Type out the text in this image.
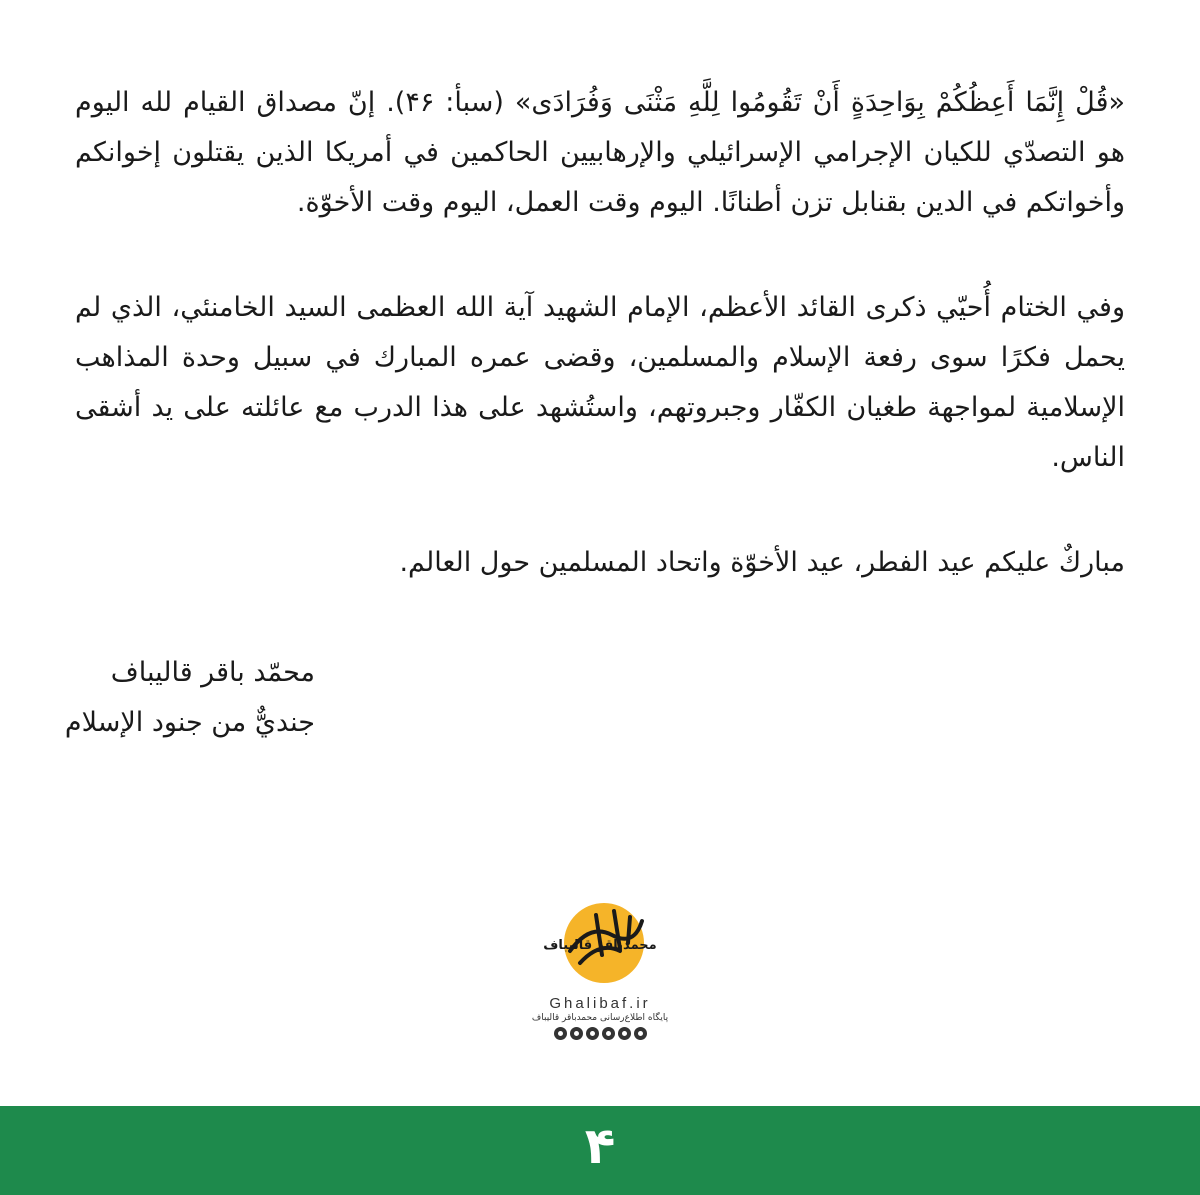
«قُلْ إِنَّمَا أَعِظُكُمْ بِوَاحِدَةٍ أَنْ تَقُومُوا لِلَّهِ مَثْنَى وَفُرَادَى» (سبأ: ۴۶). إنّ مصداق القيام لله اليوم هو التصدّي للكيان الإجرامي الإسرائيلي والإرهابيين الحاكمين في أمريكا الذين يقتلون إخوانكم وأخواتكم في الدين بقنابل تزن أطنانًا. اليوم وقت العمل، اليوم وقت الأخوّة.

وفي الختام أُحيّي ذكرى القائد الأعظم، الإمام الشهيد آية الله العظمى السيد الخامنئي، الذي لم يحمل فكرًا سوى رفعة الإسلام والمسلمين، وقضى عمره المبارك في سبيل وحدة المذاهب الإسلامية لمواجهة طغيان الكفّار وجبروتهم، واستُشهد على هذا الدرب مع عائلته على يد أشقى الناس.

مباركٌ عليكم عيد الفطر، عيد الأخوّة واتحاد المسلمين حول العالم.

محمّد باقر قاليباف
جنديٌّ من جنود الإسلام
محمدباقر قالیباف
Ghalibaf.ir
پایگاه اطلاع‌رسانی محمدباقر قالیباف
۴
